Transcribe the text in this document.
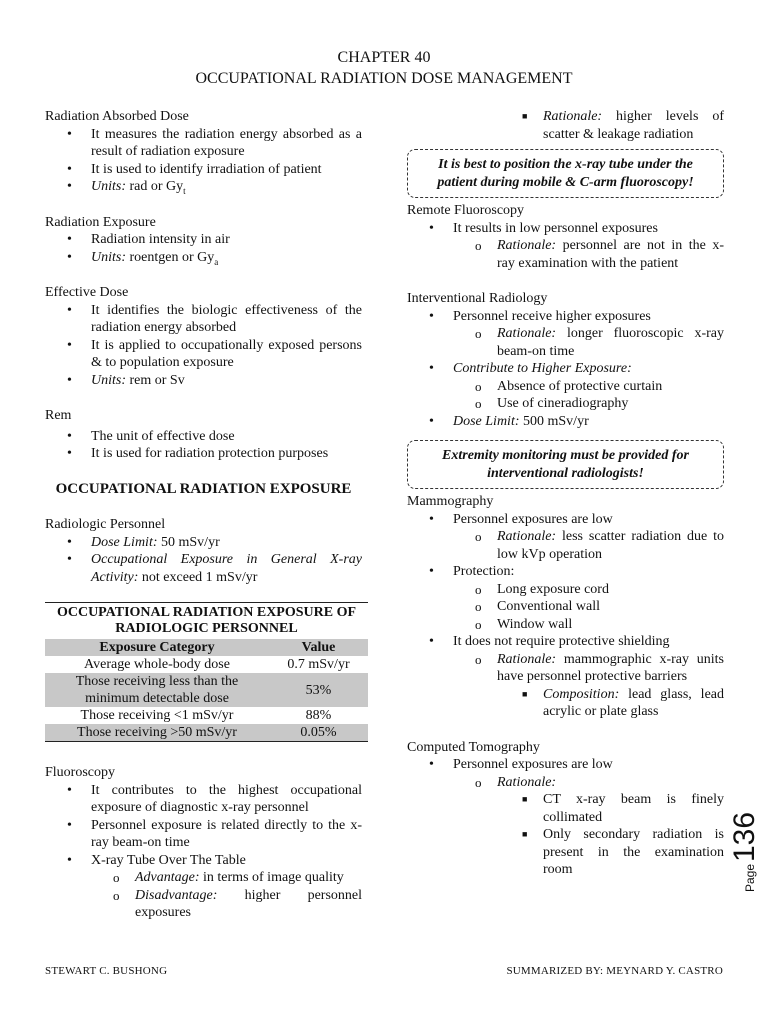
CHAPTER 40
OCCUPATIONAL RADIATION DOSE MANAGEMENT
Radiation Absorbed Dose
• It measures the radiation energy absorbed as a result of radiation exposure
• It is used to identify irradiation of patient
• Units: rad or $Gy_t$
Radiation Exposure
• Radiation intensity in air
• Units: roentgen or $Gy_a$
Effective Dose
• It identifies the biologic effectiveness of the radiation energy absorbed
• It is applied to occupationally exposed persons & to population exposure
• Units: rem or Sv
Rem
• The unit of effective dose
• It is used for radiation protection purposes
OCCUPATIONAL RADIATION EXPOSURE
Radiologic Personnel
• Dose Limit: 50 mSv/yr
• Occupational Exposure in General X-ray Activity: not exceed 1 mSv/yr
OCCUPATIONAL RADIATION EXPOSURE OF RADIOLOGIC PERSONNEL	
Exposure Category	Value
Average whole-body dose	0.7 mSv/yr
Those receiving less than the minimum detectable dose	53%
Those receiving <1 mSv/yr	88%
Those receiving >50 mSv/yr	0.05%
Fluoroscopy
• It contributes to the highest occupational exposure of diagnostic x-ray personnel
• Personnel exposure is related directly to the x-ray beam-on time
• X-ray Tube Over The Table
o Advantage: in terms of image quality
o Disadvantage: higher personnel exposures
■ Rationale: higher levels of scatter & leakage radiation
It is best to position the x-ray tube under the patient during mobile & C-arm fluoroscopy!
Remote Fluoroscopy
• It results in low personnel exposures
o Rationale: personnel are not in the x-ray examination with the patient
Interventional Radiology
• Personnel receive higher exposures
o Rationale: longer fluoroscopic x-ray beam-on time
• Contribute to Higher Exposure:
o Absence of protective curtain
o Use of cineradiography
• Dose Limit: 500 mSv/yr
Extremity monitoring must be provided for interventional radiologists!
Mammography
• Personnel exposures are low
o Rationale: less scatter radiation due to low kVp operation
• Protection:
o Long exposure cord
o Conventional wall
o Window wall
• It does not require protective shielding
o Rationale: mammographic x-ray units have personnel protective barriers
■ Composition: lead glass, lead acrylic or plate glass
Computed Tomography
• Personnel exposures are low
o Rationale:
■ CT x-ray beam is finely collimated
■ Only secondary radiation is present in the examination room	Page
136
STEWART C. BUSHONG	SUMMARIZED BY: MEYNARD Y. CASTRO
